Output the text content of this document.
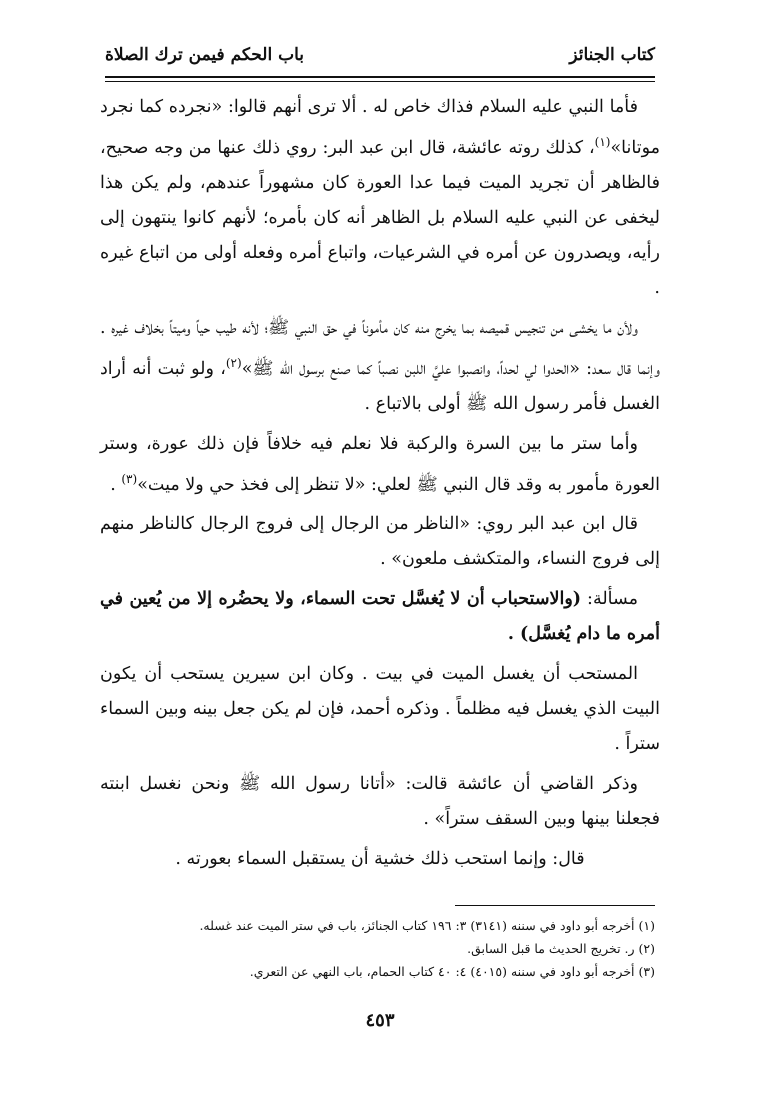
كتاب الجنائز
باب الحكم فيمن ترك الصلاة

فأما النبي عليه السلام فذاك خاص له . ألا ترى أنهم قالوا: «نجرده كما نجرد موتانا»$^{(١)}$، كذلك روته عائشة، قال ابن عبد البر: روي ذلك عنها من وجه صحيح، فالظاهر أن تجريد الميت فيما عدا العورة كان مشهوراً عندهم، ولم يكن هذا ليخفى عن النبي عليه السلام بل الظاهر أنه كان بأمره؛ لأنهم كانوا ينتهون إلى رأيه، ويصدرون عن أمره في الشرعيات، واتباع أمره وفعله أولى من اتباع غيره .

ولأن ما يخشى من تنجيس قميصه بما يخرج منه كان مأموناً في حق النبي ﷺ؛ لأنه طيب حياً وميتاً بخلاف غيره . وإنما قال سعد: «الحدوا لي لحداً، وانصبوا عليَّ اللبن نصباً كما صنع برسول الله ﷺ»$^{(٢)}$، ولو ثبت أنه أراد الغسل فأمر رسول الله ﷺ أولى بالاتباع .

وأما ستر ما بين السرة والركبة فلا نعلم فيه خلافاً فإن ذلك عورة، وستر العورة مأمور به وقد قال النبي ﷺ لعلي: «لا تنظر إلى فخذ حي ولا ميت»$^{(٣)}$ .

قال ابن عبد البر روي: «الناظر من الرجال إلى فروج الرجال كالناظر منهم إلى فروج النساء، والمتكشف ملعون» .

مسألة: (والاستحباب أن لا يُغسَّل تحت السماء، ولا يحضُره إلا من يُعين في أمره ما دام يُغسَّل) .

المستحب أن يغسل الميت في بيت . وكان ابن سيرين يستحب أن يكون البيت الذي يغسل فيه مظلماً . وذكره أحمد، فإن لم يكن جعل بينه وبين السماء ستراً .

وذكر القاضي أن عائشة قالت: «أتانا رسول الله ﷺ ونحن نغسل ابنته فجعلنا بينها وبين السقف ستراً» .

قال: وإنما استحب ذلك خشية أن يستقبل السماء بعورته .

(١) أخرجه أبو داود في سننه (٣١٤١) ٣: ١٩٦ كتاب الجنائز، باب في ستر الميت عند غسله.
(٢) ر. تخريج الحديث ما قبل السابق.
(٣) أخرجه أبو داود في سننه (٤٠١٥) ٤: ٤٠ كتاب الحمام، باب النهي عن التعري.
٤٥٣
